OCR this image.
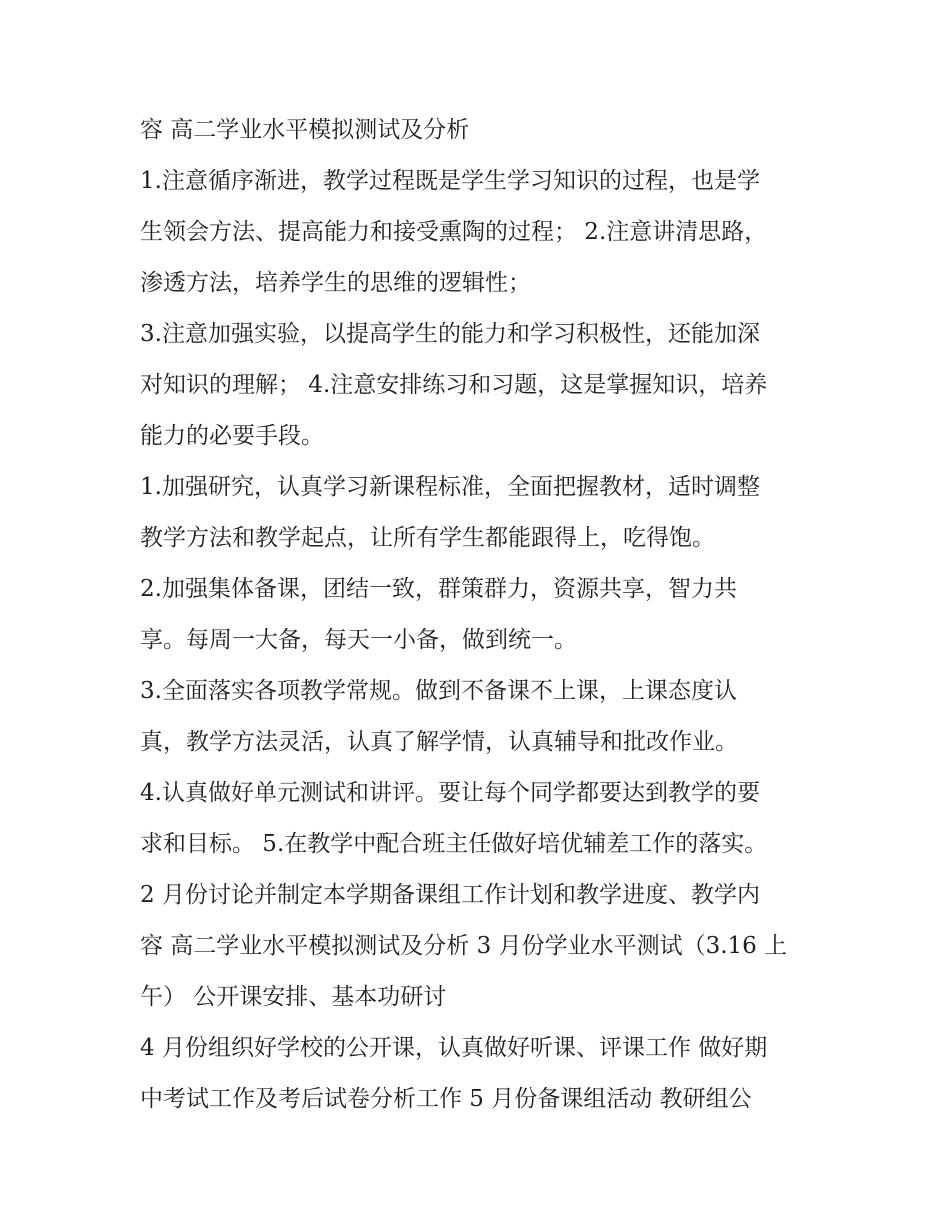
容 高二学业水平模拟测试及分析
1.注意循序渐进，教学过程既是学生学习知识的过程，也是学
生领会方法、提高能力和接受熏陶的过程； 2.注意讲清思路，
渗透方法，培养学生的思维的逻辑性；
3.注意加强实验，以提高学生的能力和学习积极性，还能加深
对知识的理解； 4.注意安排练习和习题，这是掌握知识，培养
能力的必要手段。
1.加强研究，认真学习新课程标准，全面把握教材，适时调整
教学方法和教学起点，让所有学生都能跟得上，吃得饱。
2.加强集体备课，团结一致，群策群力，资源共享，智力共
享。每周一大备，每天一小备，做到统一。
3.全面落实各项教学常规。做到不备课不上课，上课态度认
真，教学方法灵活，认真了解学情，认真辅导和批改作业。
4.认真做好单元测试和讲评。要让每个同学都要达到教学的要
求和目标。 5.在教学中配合班主任做好培优辅差工作的落实。
2 月份讨论并制定本学期备课组工作计划和教学进度、教学内
容 高二学业水平模拟测试及分析 3 月份学业水平测试（3.16 上
午） 公开课安排、基本功研讨
4 月份组织好学校的公开课，认真做好听课、评课工作 做好期
中考试工作及考后试卷分析工作 5 月份备课组活动 教研组公
